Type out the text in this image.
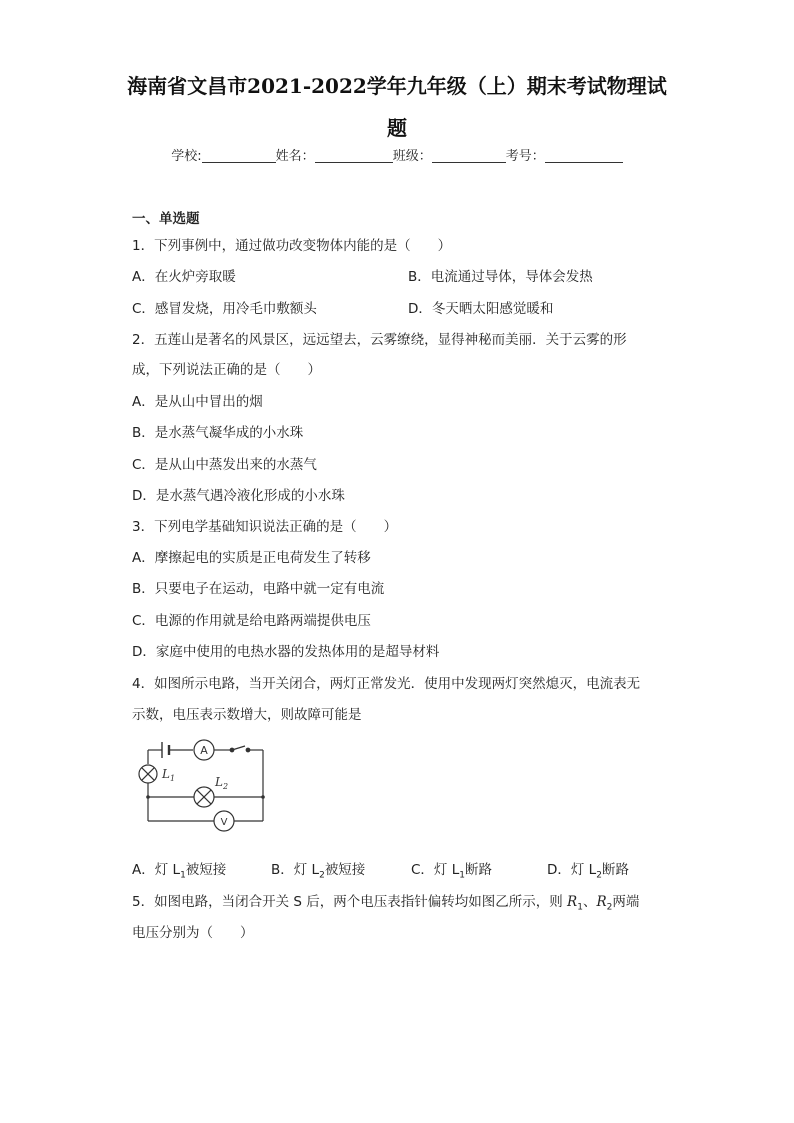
海南省文昌市2021-2022学年九年级（上）期末考试物理试
题
学校:	姓名：	班级：	考号：
一、单选题
1．下列事例中，通过做功改变物体内能的是（　　）
A．在火炉旁取暖	B．电流通过导体，导体会发热
C．感冒发烧，用冷毛巾敷额头	D．冬天晒太阳感觉暖和
2．五莲山是著名的风景区，远远望去，云雾缭绕，显得神秘而美丽．关于云雾的形
成，下列说法正确的是（　　）
A．是从山中冒出的烟
B．是水蒸气凝华成的小水珠
C．是从山中蒸发出来的水蒸气
D．是水蒸气遇冷液化形成的小水珠
3．下列电学基础知识说法正确的是（　　）
A．摩擦起电的实质是正电荷发生了转移
B．只要电子在运动，电路中就一定有电流
C．电源的作用就是给电路两端提供电压
D．家庭中使用的电热水器的发热体用的是超导材料
4．如图所示电路，当开关闭合，两灯正常发光．使用中发现两灯突然熄灭，电流表无
示数，电压表示数增大，则故障可能是
A
V
$L_1$	$L_2$
A．灯 $L_1$被短接	B．灯 $L_2$被短接	C．灯 $L_1$断路	D．灯 $L_2$断路
5．如图电路，当闭合开关 S 后，两个电压表指针偏转均如图乙所示，则 $R_1$、$R_2$两端
电压分别为（　　）
